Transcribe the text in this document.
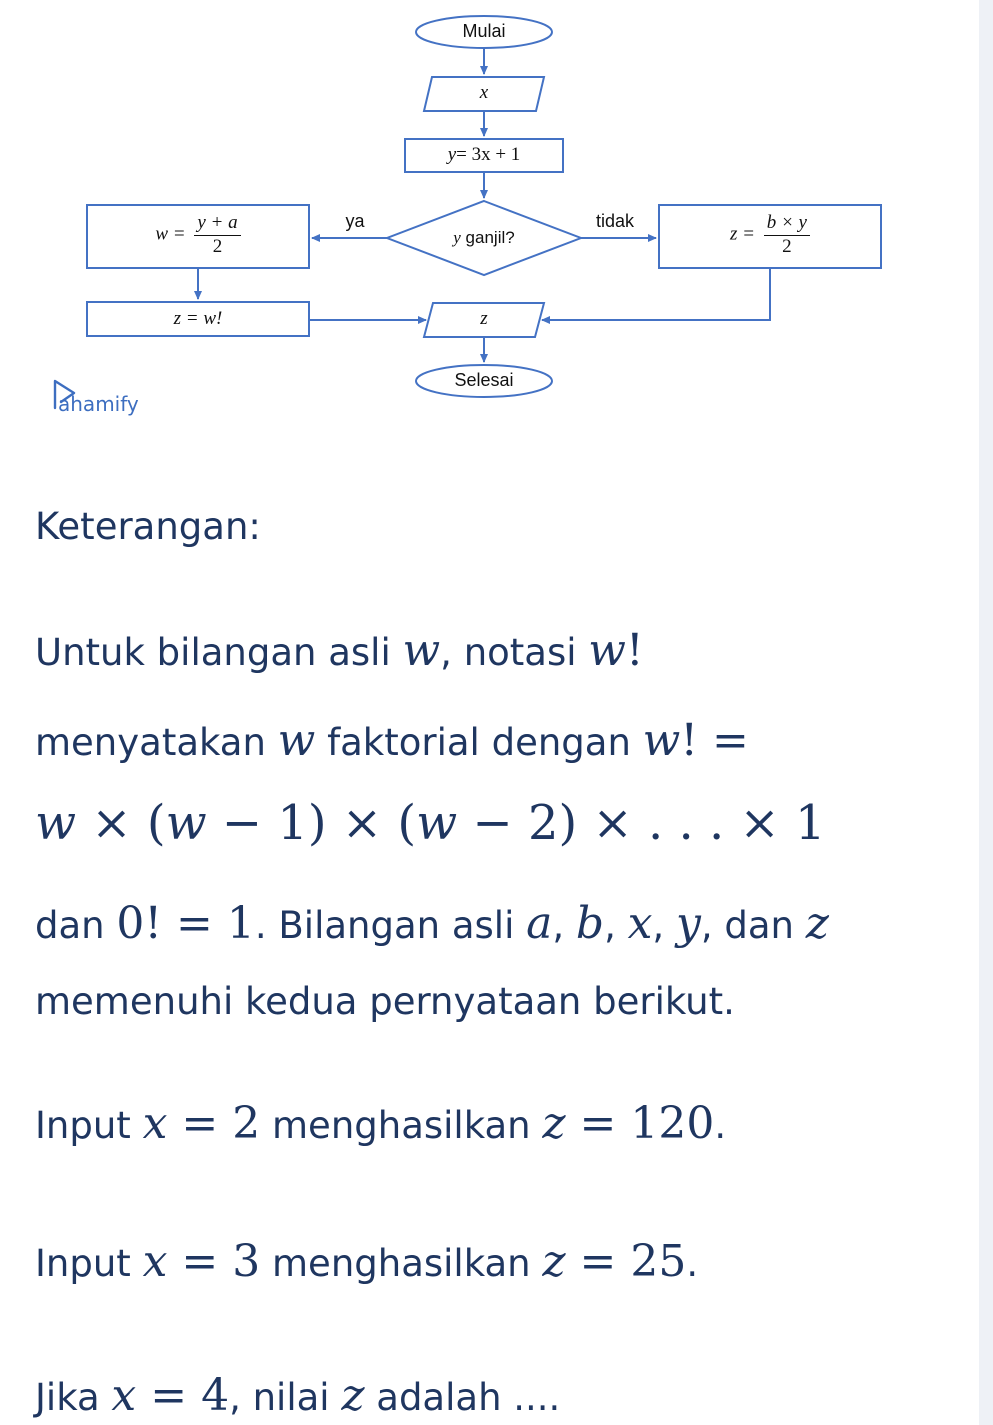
Mulai
x
y= 3x + 1
y ganjil?
ya	tidak
$w = \frac{y + a}{2}$
z = w!
$z = \frac{b \times y}{2}$
z
Selesai
ahamify
Keterangan:
Untuk bilangan asli w, notasi w!
menyatakan w faktorial dengan w! =
w × (w − 1) × (w − 2) × . . . × 1
dan 0! = 1. Bilangan asli a, b, x, y, dan z
memenuhi kedua pernyataan berikut.
Input x = 2 menghasilkan z = 120.
Input x = 3 menghasilkan z = 25.
Jika x = 4, nilai z adalah ....
